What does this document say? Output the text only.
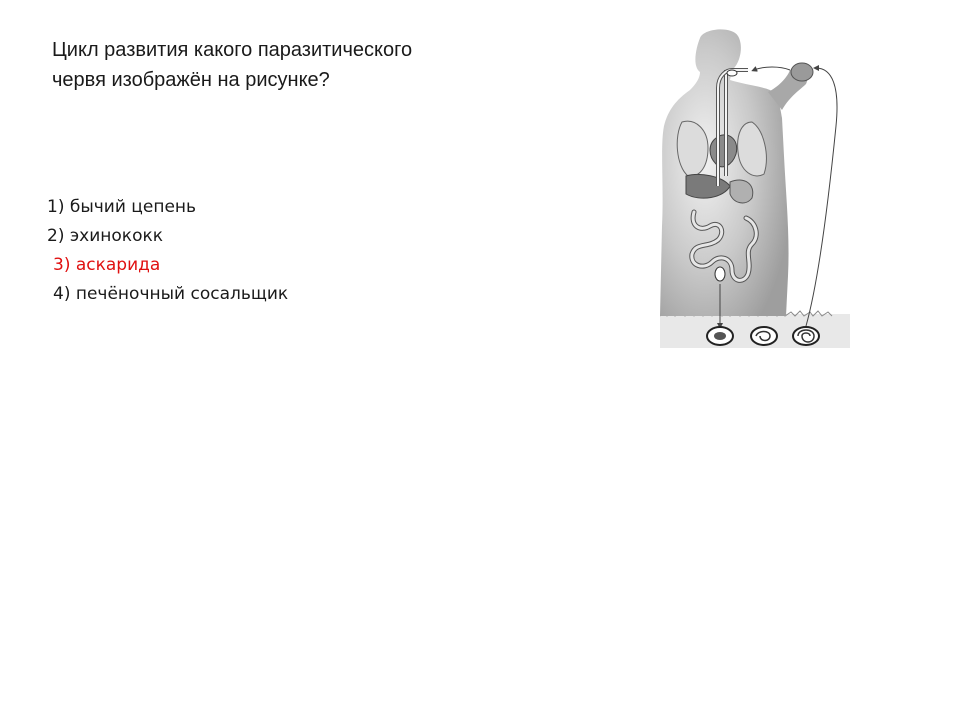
Цикл развития какого паразитического
червя изображён на рисунке?
1) бычий цепень
2) эхинококк
3) аскарида
4) печёночный сосальщик
